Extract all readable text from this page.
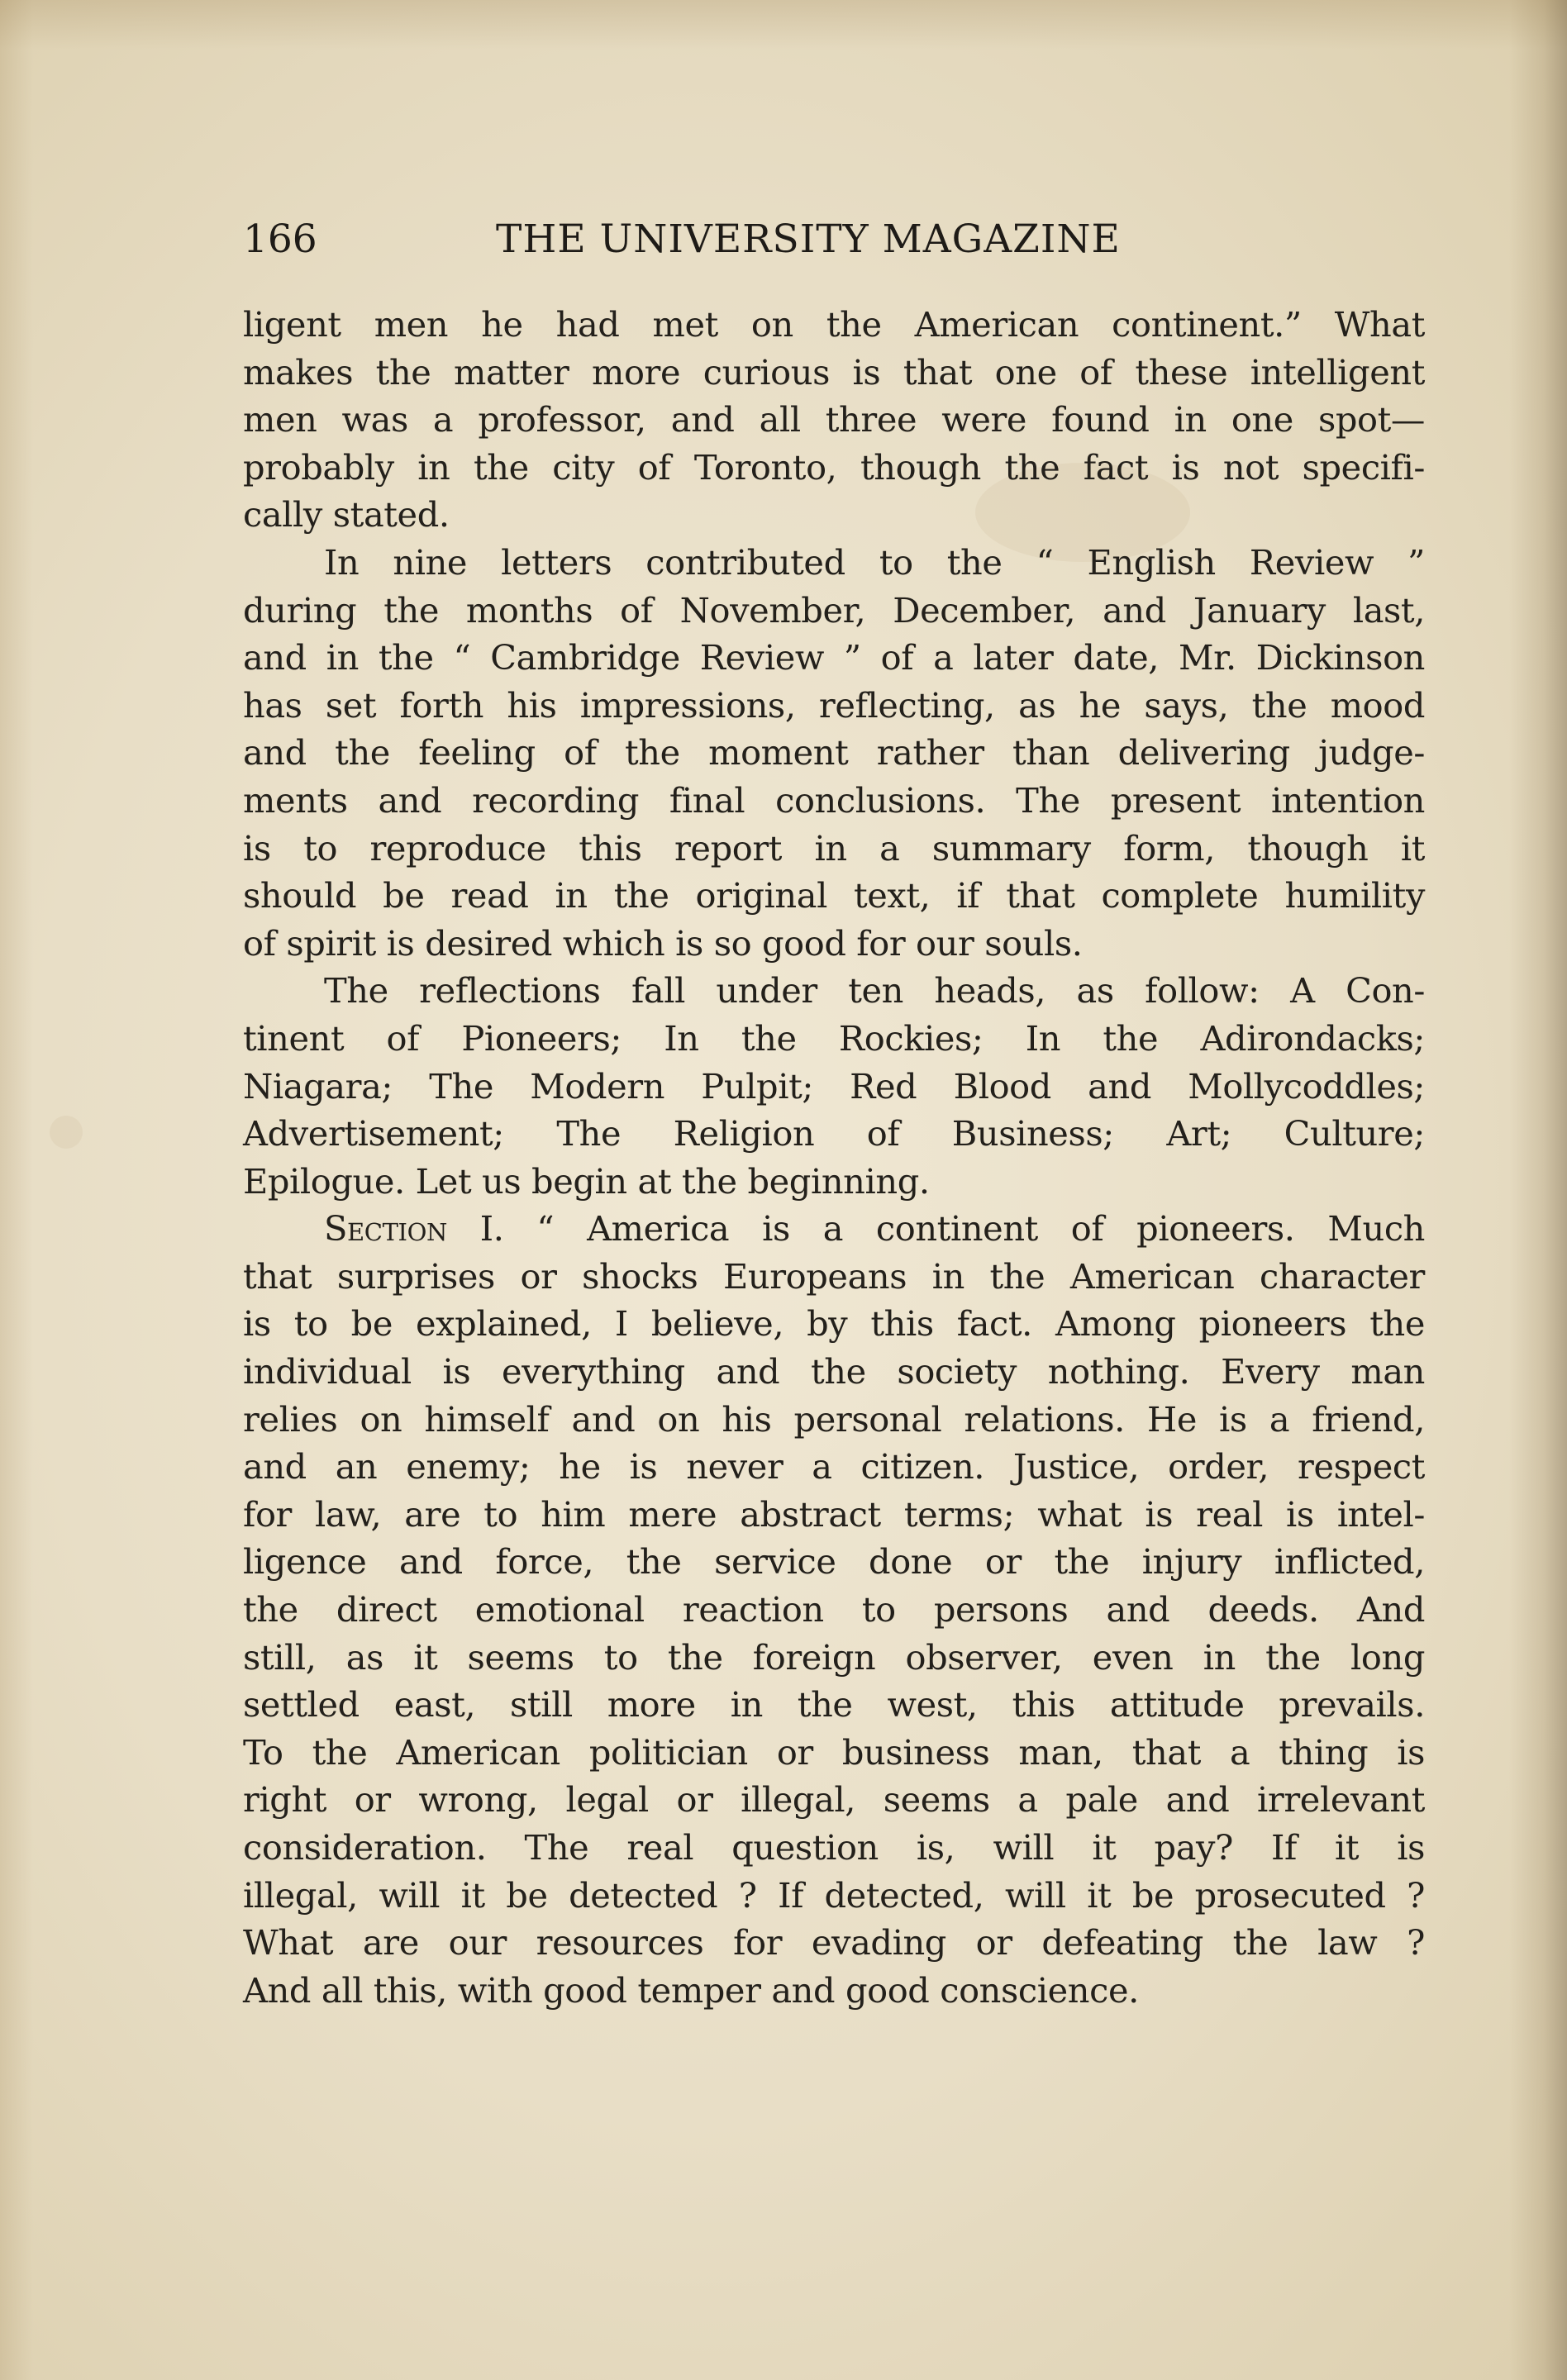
166	THE UNIVERSITY MAGAZINE
ligent men he had met on the American continent.” What
makes the matter more curious is that one of these intelligent
men was a professor, and all three were found in one spot—
probably in the city of Toronto, though the fact is not specifi-
cally stated.
In nine letters contributed to the “ English Review ”
during the months of November, December, and January last,
and in the “ Cambridge Review ” of a later date, Mr. Dickinson
has set forth his impressions, reflecting, as he says, the mood
and the feeling of the moment rather than delivering judge-
ments and recording final conclusions. The present intention
is to reproduce this report in a summary form, though it
should be read in the original text, if that complete humility
of spirit is desired which is so good for our souls.
The reflections fall under ten heads, as follow: A Con-
tinent of Pioneers; In the Rockies; In the Adirondacks;
Niagara; The Modern Pulpit; Red Blood and Mollycoddles;
Advertisement; The Religion of Business; Art; Culture;
Epilogue. Let us begin at the beginning.
Section I. “ America is a continent of pioneers. Much
that surprises or shocks Europeans in the American character
is to be explained, I believe, by this fact. Among pioneers the
individual is everything and the society nothing. Every man
relies on himself and on his personal relations. He is a friend,
and an enemy; he is never a citizen. Justice, order, respect
for law, are to him mere abstract terms; what is real is intel-
ligence and force, the service done or the injury inflicted,
the direct emotional reaction to persons and deeds. And
still, as it seems to the foreign observer, even in the long
settled east, still more in the west, this attitude prevails.
To the American politician or business man, that a thing is
right or wrong, legal or illegal, seems a pale and irrelevant
consideration. The real question is, will it pay? If it is
illegal, will it be detected ? If detected, will it be prosecuted ?
What are our resources for evading or defeating the law ?
And all this, with good temper and good conscience.
